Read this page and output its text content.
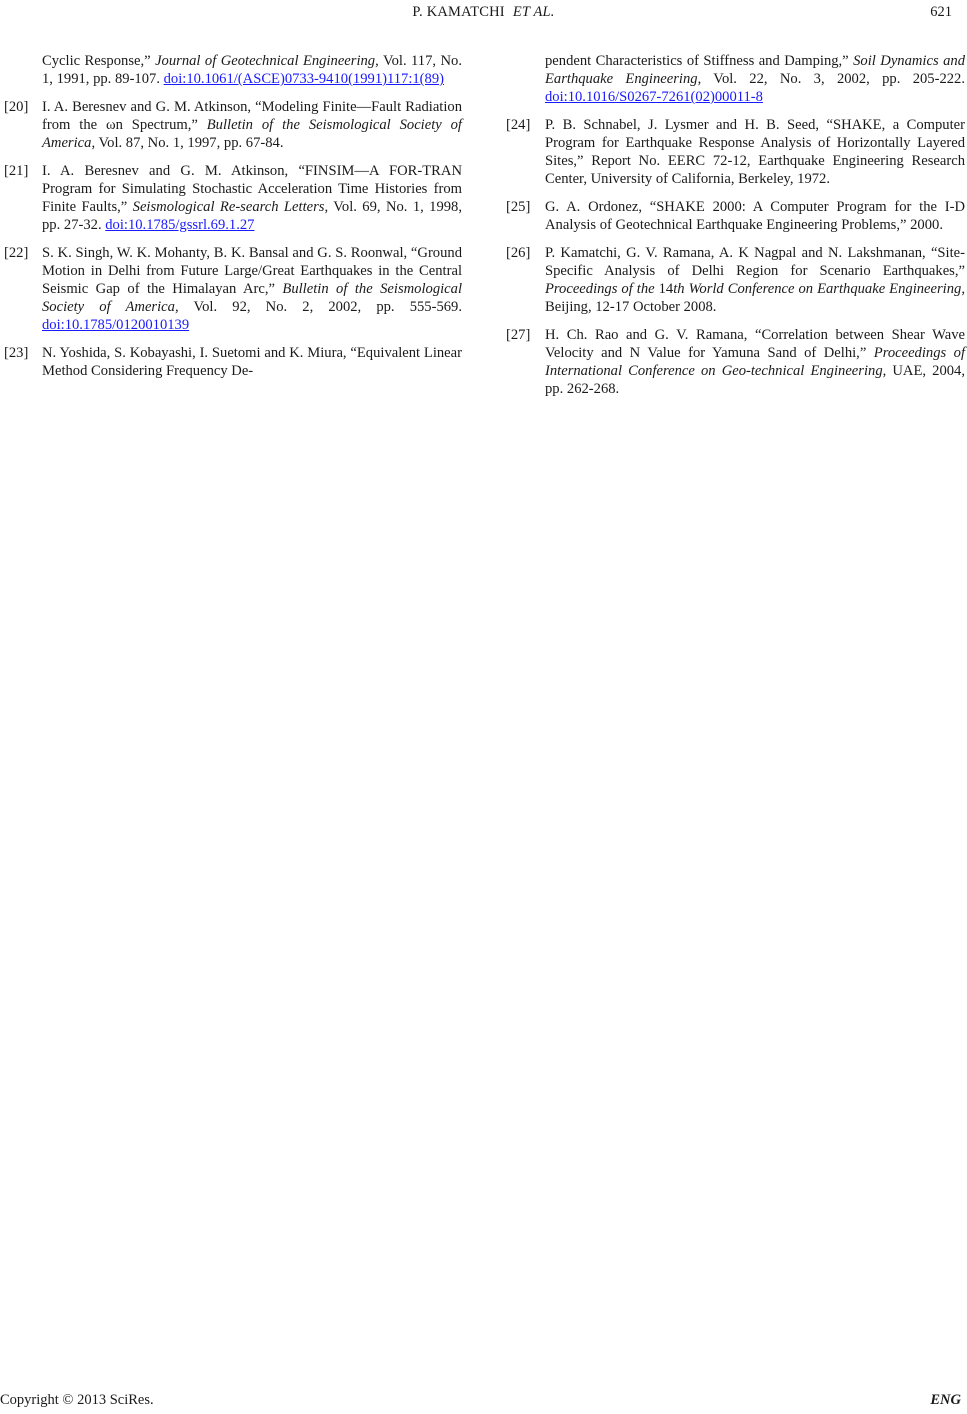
P. KAMATCHI ET AL.	621
Cyclic Response,” Journal of Geotechnical Engineering, Vol. 117, No. 1, 1991, pp. 89-107. doi:10.1061/(ASCE)0733-9410(1991)117:1(89)
[20] I. A. Beresnev and G. M. Atkinson, “Modeling Finite—Fault Radiation from the ωn Spectrum,” Bulletin of the Seismological Society of America, Vol. 87, No. 1, 1997, pp. 67-84.
[21] I. A. Beresnev and G. M. Atkinson, “FINSIM—A FOR-TRAN Program for Simulating Stochastic Acceleration Time Histories from Finite Faults,” Seismological Re-search Letters, Vol. 69, No. 1, 1998, pp. 27-32. doi:10.1785/gssrl.69.1.27
[22] S. K. Singh, W. K. Mohanty, B. K. Bansal and G. S. Roonwal, “Ground Motion in Delhi from Future Large/Great Earthquakes in the Central Seismic Gap of the Himalayan Arc,” Bulletin of the Seismological Society of America, Vol. 92, No. 2, 2002, pp. 555-569. doi:10.1785/0120010139
[23] N. Yoshida, S. Kobayashi, I. Suetomi and K. Miura, “Equivalent Linear Method Considering Frequency De-
pendent Characteristics of Stiffness and Damping,” Soil Dynamics and Earthquake Engineering, Vol. 22, No. 3, 2002, pp. 205-222. doi:10.1016/S0267-7261(02)00011-8
[24] P. B. Schnabel, J. Lysmer and H. B. Seed, “SHAKE, a Computer Program for Earthquake Response Analysis of Horizontally Layered Sites,” Report No. EERC 72-12, Earthquake Engineering Research Center, University of California, Berkeley, 1972.
[25] G. A. Ordonez, “SHAKE 2000: A Computer Program for the I-D Analysis of Geotechnical Earthquake Engineering Problems,” 2000.
[26] P. Kamatchi, G. V. Ramana, A. K Nagpal and N. Lakshmanan, “Site-Specific Analysis of Delhi Region for Scenario Earthquakes,” Proceedings of the 14th World Conference on Earthquake Engineering, Beijing, 12-17 October 2008.
[27] H. Ch. Rao and G. V. Ramana, “Correlation between Shear Wave Velocity and N Value for Yamuna Sand of Delhi,” Proceedings of International Conference on Geo-technical Engineering, UAE, 2004, pp. 262-268.
Copyright © 2013 SciRes.	ENG
